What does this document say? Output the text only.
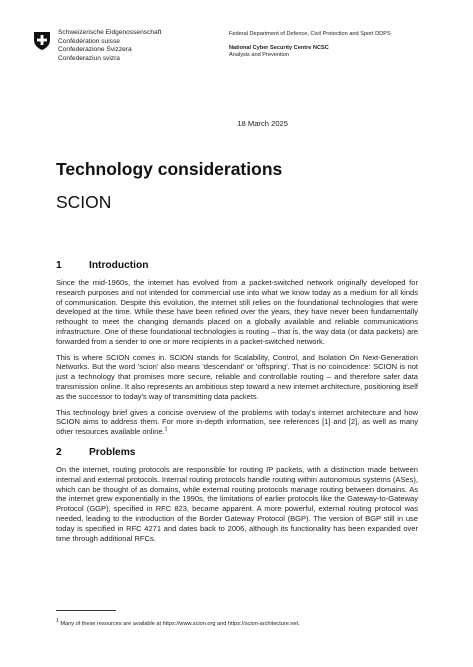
Schweizerische Eidgenossenschaft
Confédération suisse
Confederazione Svizzera
Confederaziun svizra
Federal Department of Defence, Civil Protection and Sport DDPS
National Cyber Security Centre NCSC
Analysis and Prevention
18 March 2025
Technology considerations
SCION
1	Introduction

Since the mid-1960s, the internet has evolved from a packet-switched network originally developed for research purposes and not intended for commercial use into what we know today as a medium for all kinds of communication. Despite this evolution, the internet still relies on the foundational technologies that were developed at the time. While these have been refined over the years, they have never been fundamentally rethought to meet the changing demands placed on a globally available and reliable communications infrastructure. One of these foundational technologies is routing – that is, the way data (or data packets) are forwarded from a sender to one or more recipients in a packet-switched network.

This is where SCION comes in. SCION stands for Scalability, Control, and Isolation On Next-Generation Networks. But the word 'scion' also means 'descendant' or 'offspring'. That is no coincidence: SCION is not just a technology that promises more secure, reliable and controllable routing – and therefore safer data transmission online. It also represents an ambitious step toward a new internet architecture, positioning itself as the successor to today's way of transmitting data packets.

This technology brief gives a concise overview of the problems with today's internet architecture and how SCION aims to address them. For more in-depth information, see references [1] and [2], as well as many other resources available online.$^1$

2	Problems

On the internet, routing protocols are responsible for routing IP packets, with a distinction made between internal and external protocols. Internal routing protocols handle routing within autonomous systems (ASes), which can be thought of as domains, while external routing protocols manage routing between domains. As the internet grew exponentially in the 1990s, the limitations of earlier protocols like the Gateway-to-Gateway Protocol (GGP), specified in RFC 823, became apparent. A more powerful, external routing protocol was needed, leading to the introduction of the Border Gateway Protocol (BGP). The version of BGP still in use today is specified in RFC 4271 and dates back to 2006, although its functionality has been expanded over time through additional RFCs.

$^1$ Many of these resources are available at https://www.scion.org and https://scion-architecture.net.
